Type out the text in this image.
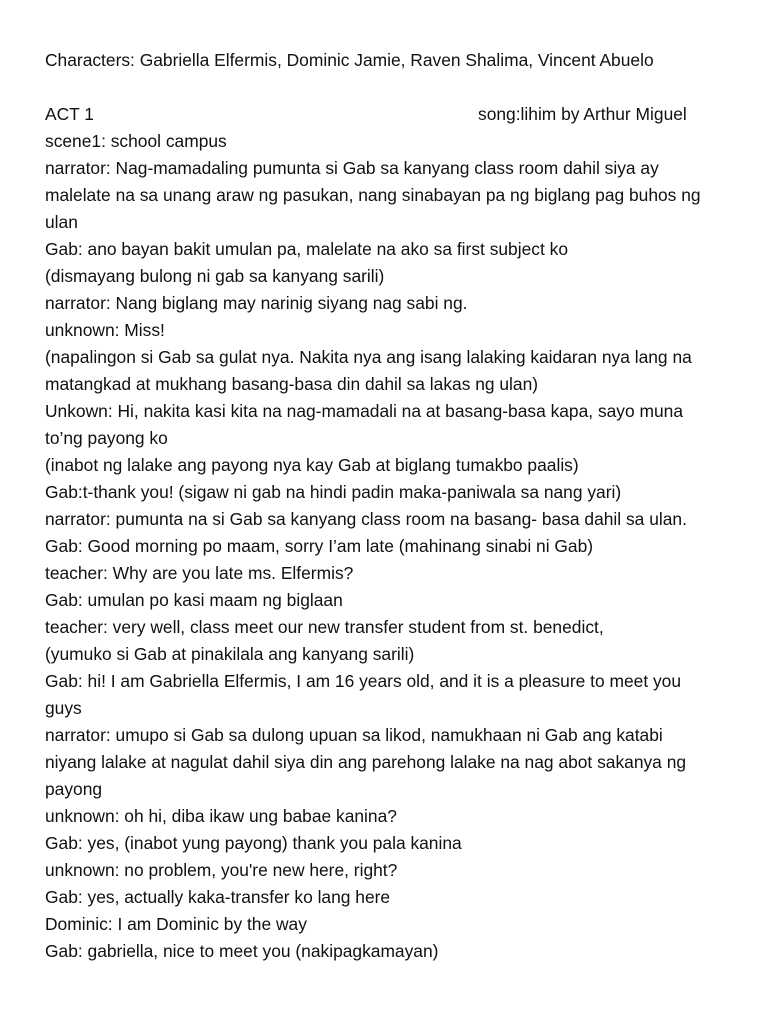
Characters: Gabriella Elfermis, Dominic Jamie, Raven Shalima, Vincent Abuelo
ACT 1	song:lihim by Arthur Miguel
scene1: school campus
narrator: Nag-mamadaling pumunta si Gab sa kanyang class room dahil siya ay
malelate na sa unang araw ng pasukan, nang sinabayan pa ng biglang pag buhos ng
ulan
Gab: ano bayan bakit umulan pa, malelate na ako sa first subject ko
(dismayang bulong ni gab sa kanyang sarili)
narrator: Nang biglang may narinig siyang nag sabi ng.
unknown: Miss!
(napalingon si Gab sa gulat nya. Nakita nya ang isang lalaking kaidaran nya lang na
matangkad at mukhang basang-basa din dahil sa lakas ng ulan)
Unkown: Hi, nakita kasi kita na nag-mamadali na at basang-basa kapa, sayo muna
to’ng payong ko
(inabot ng lalake ang payong nya kay Gab at biglang tumakbo paalis)
Gab:t-thank you! (sigaw ni gab na hindi padin maka-paniwala sa nang yari)
narrator: pumunta na si Gab sa kanyang class room na basang- basa dahil sa ulan.
Gab: Good morning po maam, sorry I’am late (mahinang sinabi ni Gab)
teacher: Why are you late ms. Elfermis?
Gab: umulan po kasi maam ng biglaan
teacher: very well, class meet our new transfer student from st. benedict,
(yumuko si Gab at pinakilala ang kanyang sarili)
Gab: hi! I am Gabriella Elfermis, I am 16 years old, and it is a pleasure to meet you
guys
narrator: umupo si Gab sa dulong upuan sa likod, namukhaan ni Gab ang katabi
niyang lalake at nagulat dahil siya din ang parehong lalake na nag abot sakanya ng
payong
unknown: oh hi, diba ikaw ung babae kanina?
Gab: yes, (inabot yung payong) thank you pala kanina
unknown: no problem, you're new here, right?
Gab: yes, actually kaka-transfer ko lang here
Dominic: I am Dominic by the way
Gab: gabriella, nice to meet you (nakipagkamayan)
